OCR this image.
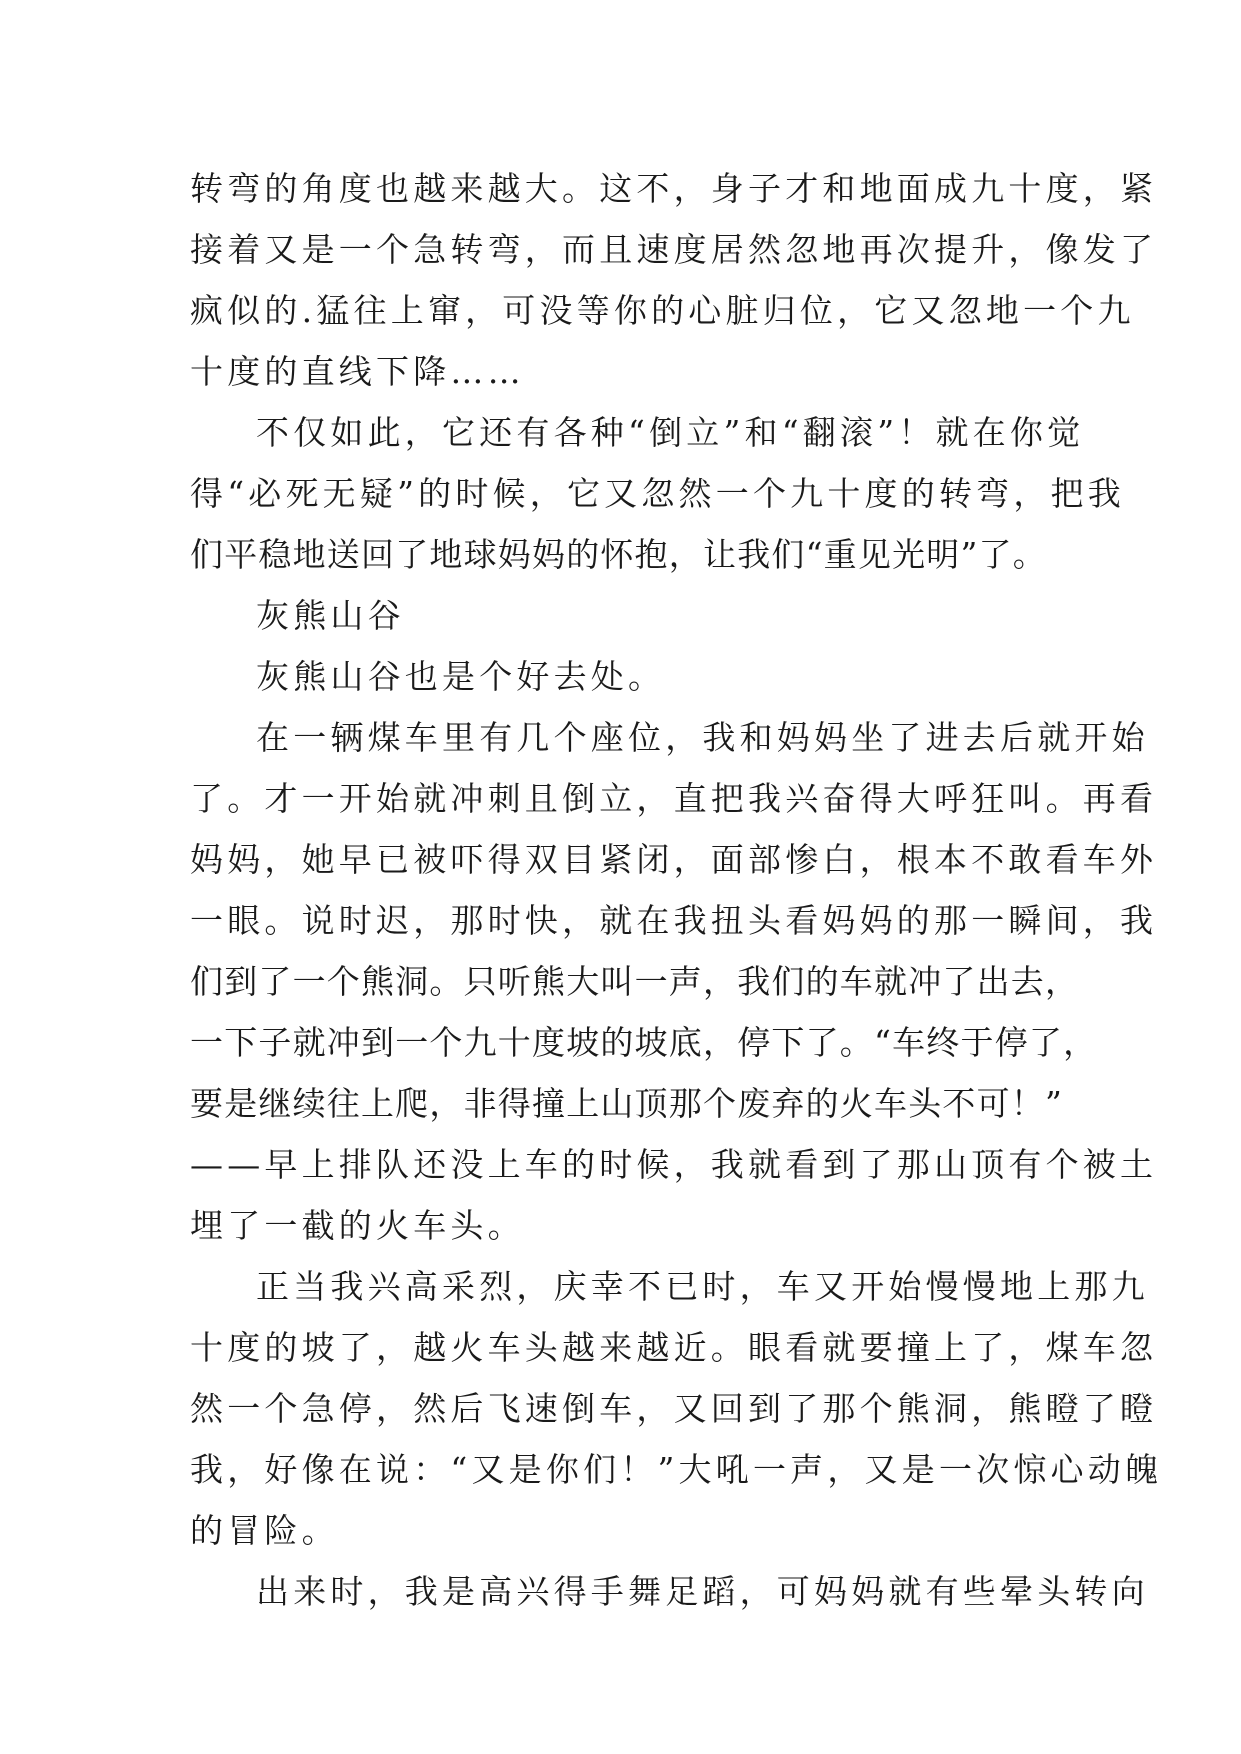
转弯的角度也越来越大。这不，身子才和地面成九十度，紧
接着又是一个急转弯，而且速度居然忽地再次提升，像发了
疯似的.猛往上窜，可没等你的心脏归位，它又忽地一个九
十度的直线下降……
不仅如此，它还有各种“倒立”和“翻滚”！就在你觉
得“必死无疑”的时候，它又忽然一个九十度的转弯，把我
们平稳地送回了地球妈妈的怀抱，让我们“重见光明”了。
灰熊山谷
灰熊山谷也是个好去处。
在一辆煤车里有几个座位，我和妈妈坐了进去后就开始
了。才一开始就冲刺且倒立，直把我兴奋得大呼狂叫。再看
妈妈，她早已被吓得双目紧闭，面部惨白，根本不敢看车外
一眼。说时迟，那时快，就在我扭头看妈妈的那一瞬间，我
们到了一个熊洞。只听熊大叫一声，我们的车就冲了出去，
一下子就冲到一个九十度坡的坡底，停下了。“车终于停了，
要是继续往上爬，非得撞上山顶那个废弃的火车头不可！”
——早上排队还没上车的时候，我就看到了那山顶有个被土
埋了一截的火车头。
正当我兴高采烈，庆幸不已时，车又开始慢慢地上那九
十度的坡了，越火车头越来越近。眼看就要撞上了，煤车忽
然一个急停，然后飞速倒车，又回到了那个熊洞，熊瞪了瞪
我，好像在说：“又是你们！”大吼一声，又是一次惊心动魄
的冒险。
出来时，我是高兴得手舞足蹈，可妈妈就有些晕头转向
